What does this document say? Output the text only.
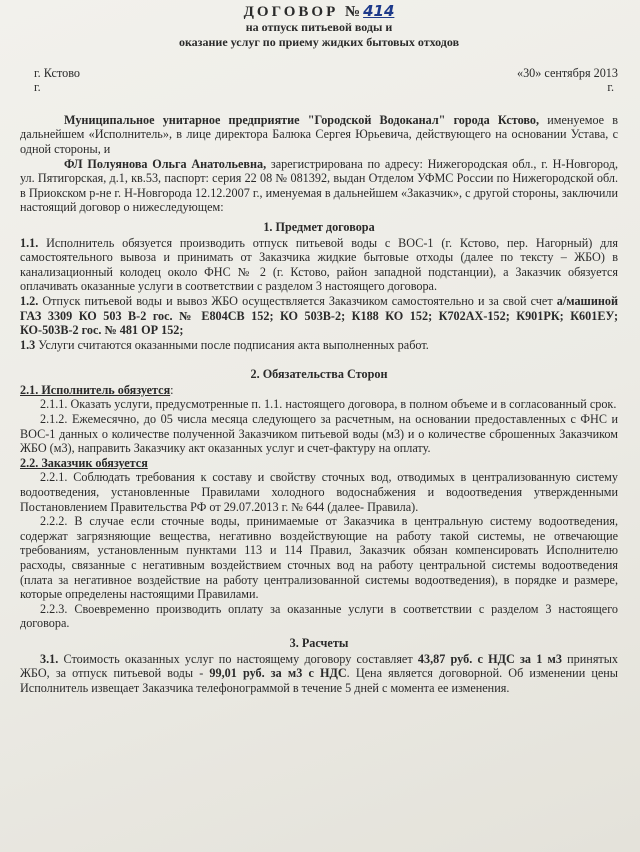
ДОГОВОР №414
на отпуск питьевой воды и
оказание услуг по приему жидких бытовых отходов
г. Кстово	«30» сентября 2013
г.	г.
Муниципальное унитарное предприятие "Городской Водоканал" города Кстово, именуемое в дальнейшем «Исполнитель», в лице директора Балюка Сергея Юрьевича, действующего на основании Устава, с одной стороны, и
ФЛ Полуянова Ольга Анатольевна, зарегистрирована по адресу: Нижегородская обл., г. Н-Новгород, ул. Пятигорская, д.1, кв.53, паспорт: серия 22 08 № 081392, выдан Отделом УФМС России по Нижегородской обл. в Приокском р-не г. Н-Новгорода 12.12.2007 г., именуемая в дальнейшем «Заказчик», с другой стороны, заключили настоящий договор о нижеследующем:
1. Предмет договора
1.1. Исполнитель обязуется производить отпуск питьевой воды с ВОС-1 (г. Кстово, пер. Нагорный) для самостоятельного вывоза и принимать от Заказчика жидкие бытовые отходы (далее по тексту – ЖБО) в канализационный колодец около ФНС № 2 (г. Кстово, район западной подстанции), а Заказчик обязуется оплачивать оказанные услуги в соответствии с разделом 3 настоящего договора.
1.2. Отпуск питьевой воды и вывоз ЖБО осуществляется Заказчиком самостоятельно и за свой счет а/машиной ГАЗ 3309 КО 503 В-2 гос. № Е804СВ 152; КО 503В-2; К188 КО 152; К702АХ-152; К901РК; К601ЕУ; КО-503В-2 гос. № 481 ОР 152;
1.3 Услуги считаются оказанными после подписания акта выполненных работ.
2. Обязательства Сторон
2.1. Исполнитель обязуется:
2.1.1. Оказать услуги, предусмотренные п. 1.1. настоящего договора, в полном объеме и в согласованный срок.
2.1.2. Ежемесячно, до 05 числа месяца следующего за расчетным, на основании предоставленных с ФНС и ВОС-1 данных о количестве полученной Заказчиком питьевой воды (м3) и о количестве сброшенных Заказчиком ЖБО (м3), направить Заказчику акт оказанных услуг и счет-фактуру на оплату.
2.2. Заказчик обязуется
2.2.1. Соблюдать требования к составу и свойству сточных вод, отводимых в централизованную систему водоотведения, установленные Правилами холодного водоснабжения и водоотведения утвержденными Постановлением Правительства РФ от 29.07.2013 г. № 644 (далее- Правила).
2.2.2. В случае если сточные воды, принимаемые от Заказчика в центральную систему водоотведения, содержат загрязняющие вещества, негативно воздействующие на работу такой системы, не отвечающие требованиям, установленным пунктами 113 и 114 Правил, Заказчик обязан компенсировать Исполнителю расходы, связанные с негативным воздействием сточных вод на работу центральной системы водоотведения (плата за негативное воздействие на работу централизованной системы водоотведения), в порядке и размере, которые определены настоящими Правилами.
2.2.3. Своевременно производить оплату за оказанные услуги в соответствии с разделом 3 настоящего договора.
3. Расчеты
3.1. Стоимость оказанных услуг по настоящему договору составляет 43,87 руб. с НДС за 1 м3 принятых ЖБО, за отпуск питьевой воды - 99,01 руб. за м3 с НДС. Цена является договорной. Об изменении цены Исполнитель извещает Заказчика телефонограммой в течение 5 дней с момента ее изменения.
